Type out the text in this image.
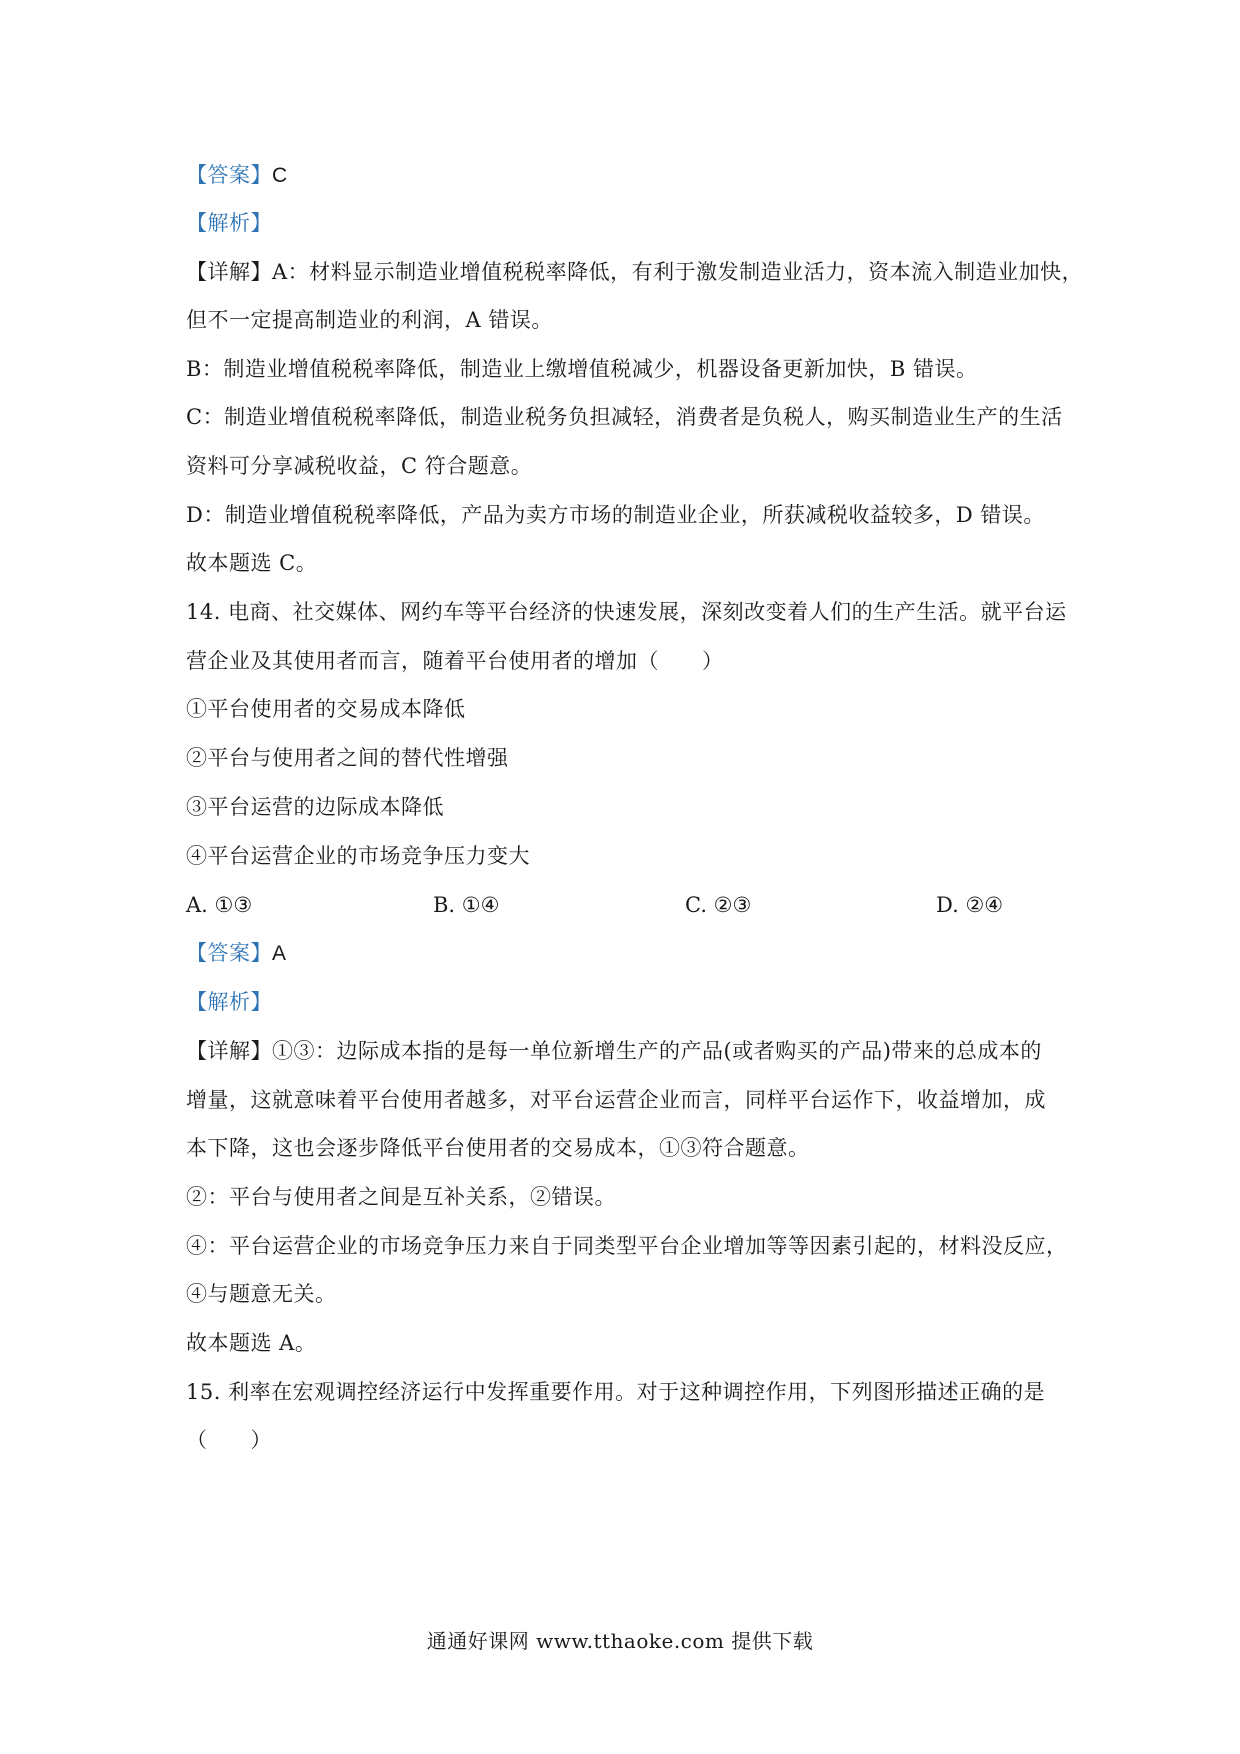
【答案】C
【解析】
【详解】A：材料显示制造业增值税税率降低，有利于激发制造业活力，资本流入制造业加快，
但不一定提高制造业的利润，A 错误。
B：制造业增值税税率降低，制造业上缴增值税减少，机器设备更新加快，B 错误。
C：制造业增值税税率降低，制造业税务负担减轻，消费者是负税人，购买制造业生产的生活
资料可分享减税收益，C 符合题意。
D：制造业增值税税率降低，产品为卖方市场的制造业企业，所获减税收益较多，D 错误。
故本题选 C。
14. 电商、社交媒体、网约车等平台经济的快速发展，深刻改变着人们的生产生活。就平台运
营企业及其使用者而言，随着平台使用者的增加（　　）
①平台使用者的交易成本降低
②平台与使用者之间的替代性增强
③平台运营的边际成本降低
④平台运营企业的市场竞争压力变大
A. ①③	B. ①④	C. ②③	D. ②④
【答案】A
【解析】
【详解】①③：边际成本指的是每一单位新增生产的产品(或者购买的产品)带来的总成本的
增量，这就意味着平台使用者越多，对平台运营企业而言，同样平台运作下，收益增加，成
本下降，这也会逐步降低平台使用者的交易成本，①③符合题意。
②：平台与使用者之间是互补关系，②错误。
④：平台运营企业的市场竞争压力来自于同类型平台企业增加等等因素引起的，材料没反应，
④与题意无关。
故本题选 A。
15. 利率在宏观调控经济运行中发挥重要作用。对于这种调控作用，下列图形描述正确的是
（　　）
通通好课网 www.tthaoke.com 提供下载
